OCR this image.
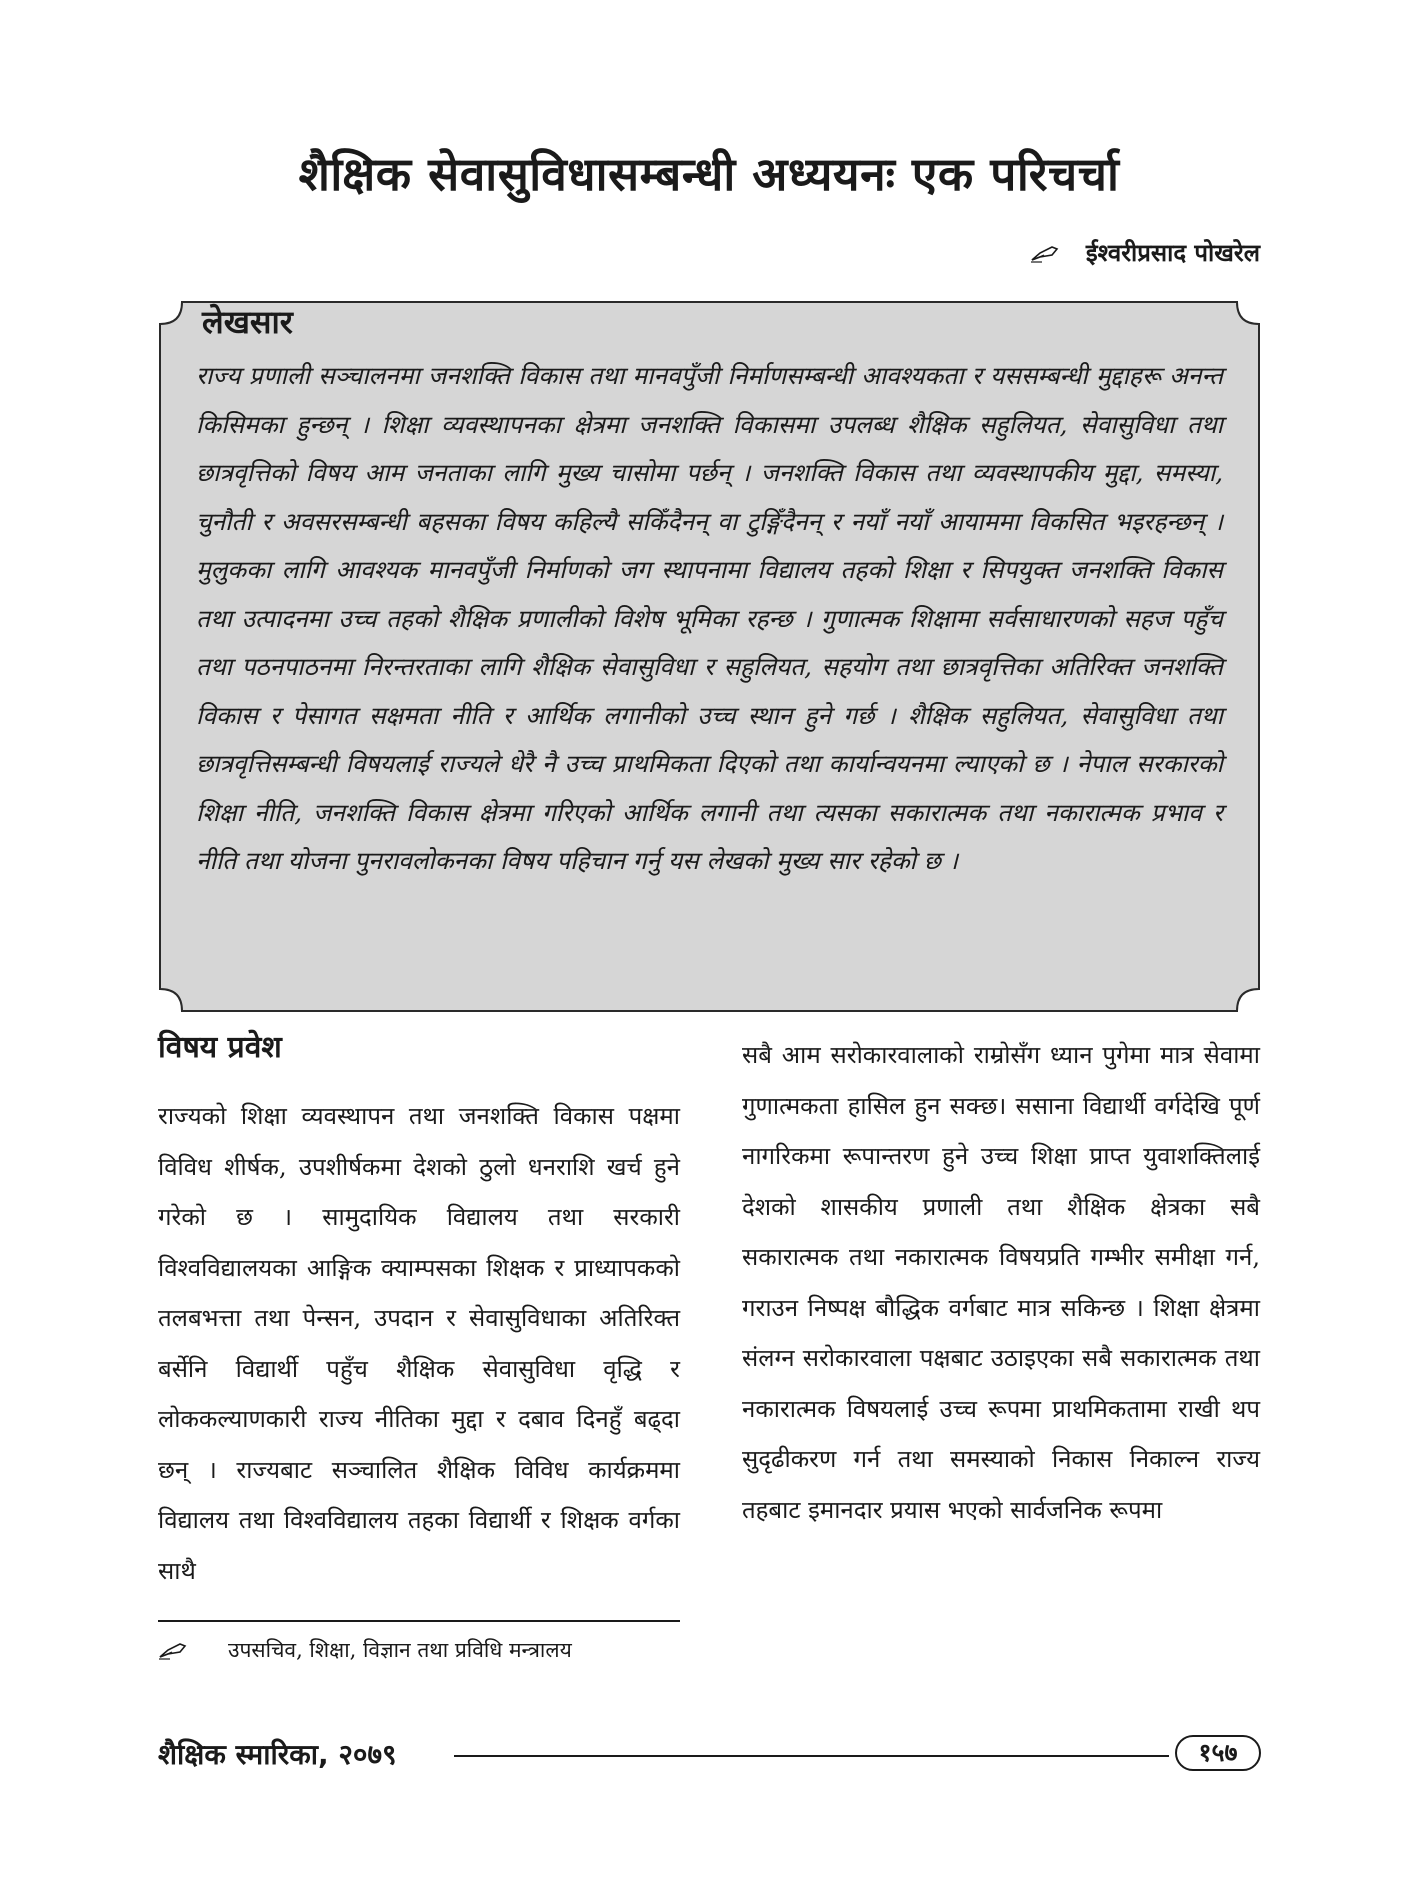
शैक्षिक सेवासुविधासम्बन्धी अध्ययनः एक परिचर्चा
ईश्वरीप्रसाद पोखरेल
लेखसार

राज्य प्रणाली सञ्चालनमा जनशक्ति विकास तथा मानवपुँजी निर्माणसम्बन्धी आवश्यकता र यससम्बन्धी मुद्दाहरू अनन्त किसिमका हुन्छन् । शिक्षा व्यवस्थापनका क्षेत्रमा जनशक्ति विकासमा उपलब्ध शैक्षिक सहुलियत, सेवासुविधा तथा छात्रवृत्तिको विषय आम जनताका लागि मुख्य चासोमा पर्छन् । जनशक्ति विकास तथा व्यवस्थापकीय मुद्दा, समस्या, चुनौती र अवसरसम्बन्धी बहसका विषय कहिल्यै सकिँदैनन् वा टुङ्गिँदैनन् र नयाँ नयाँ आयाममा विकसित भइरहन्छन् । मुलुकका लागि आवश्यक मानवपुँजी निर्माणको जग स्थापनामा विद्यालय तहको शिक्षा र सिपयुक्त जनशक्ति विकास तथा उत्पादनमा उच्च तहको शैक्षिक प्रणालीको विशेष भूमिका रहन्छ । गुणात्मक शिक्षामा सर्वसाधारणको सहज पहुँच तथा पठनपाठनमा निरन्तरताका लागि शैक्षिक सेवासुविधा र सहुलियत, सहयोग तथा छात्रवृत्तिका अतिरिक्त जनशक्ति विकास र पेसागत सक्षमता नीति र आर्थिक लगानीको उच्च स्थान हुने गर्छ । शैक्षिक सहुलियत, सेवासुविधा तथा छात्रवृत्तिसम्बन्धी विषयलाई राज्यले धेरै नै उच्च प्राथमिकता दिएको तथा कार्यान्वयनमा ल्याएको छ । नेपाल सरकारको शिक्षा नीति, जनशक्ति विकास क्षेत्रमा गरिएको आर्थिक लगानी तथा त्यसका सकारात्मक तथा नकारात्मक प्रभाव र नीति तथा योजना पुनरावलोकनका विषय पहिचान गर्नु यस लेखको मुख्य सार रहेको छ ।

विषय प्रवेश

राज्यको शिक्षा व्यवस्थापन तथा जनशक्ति विकास पक्षमा विविध शीर्षक, उपशीर्षकमा देशको ठुलो धनराशि खर्च हुने गरेको छ । सामुदायिक विद्यालय तथा सरकारी विश्वविद्यालयका आङ्गिक क्याम्पसका शिक्षक र प्राध्यापकको तलबभत्ता तथा पेन्सन, उपदान र सेवासुविधाका अतिरिक्त बर्सेनि विद्यार्थी पहुँच शैक्षिक सेवासुविधा वृद्धि र लोककल्याणकारी राज्य नीतिका मुद्दा र दबाव दिनहुँ बढ्दा छन् । राज्यबाट सञ्चालित शैक्षिक विविध कार्यक्रममा विद्यालय तथा विश्वविद्यालय तहका विद्यार्थी र शिक्षक वर्गका साथै

सबै आम सरोकारवालाको राम्रोसँग ध्यान पुगेमा मात्र सेवामा गुणात्मकता हासिल हुन सक्छ। ससाना विद्यार्थी वर्गदेखि पूर्ण नागरिकमा रूपान्तरण हुने उच्च शिक्षा प्राप्त युवाशक्तिलाई देशको शासकीय प्रणाली तथा शैक्षिक क्षेत्रका सबै सकारात्मक तथा नकारात्मक विषयप्रति गम्भीर समीक्षा गर्न, गराउन निष्पक्ष बौद्धिक वर्गबाट मात्र सकिन्छ । शिक्षा क्षेत्रमा संलग्न सरोकारवाला पक्षबाट उठाइएका सबै सकारात्मक तथा नकारात्मक विषयलाई उच्च रूपमा प्राथमिकतामा राखी थप सुदृढीकरण गर्न तथा समस्याको निकास निकाल्न राज्य तहबाट इमानदार प्रयास भएको सार्वजनिक रूपमा

उपसचिव, शिक्षा, विज्ञान तथा प्रविधि मन्त्रालय
शैक्षिक स्मारिका, २०७९	१५७
